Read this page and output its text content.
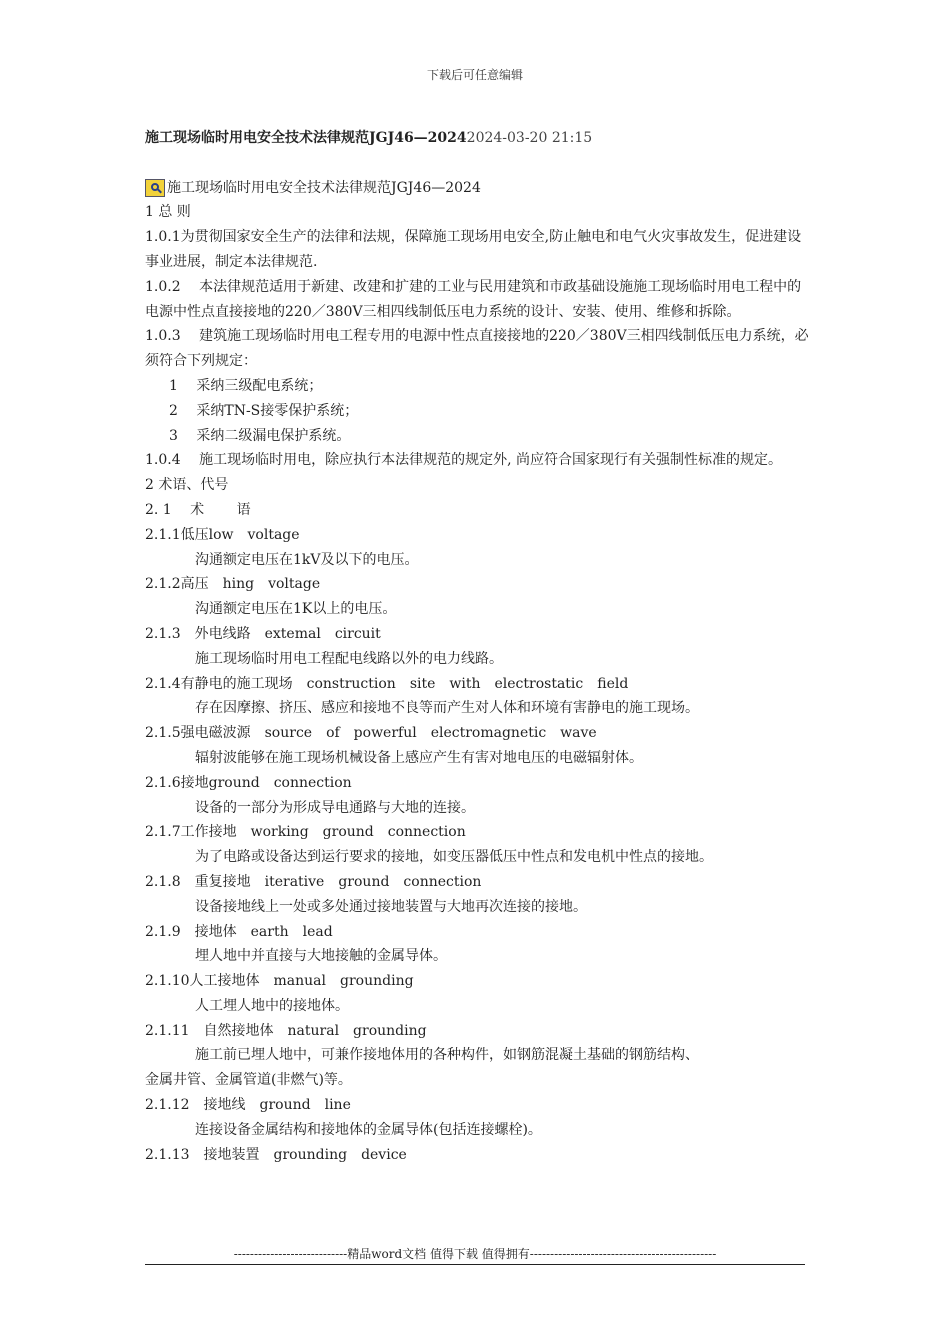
下载后可任意编辑
施工现场临时用电安全技术法律规范JGJ46—20242024-03-20 21:15
施工现场临时用电安全技术法律规范JGJ46—2024

1 总 则

1.0.1为贯彻国家安全生产的法律和法规，保障施工现场用电安全,防止触电和电气火灾事故发生，促进建设事业进展，制定本法律规范.

1.0.2　 本法律规范适用于新建、改建和扩建的工业与民用建筑和市政基础设施施工现场临时用电工程中的电源中性点直接接地的220／380V三相四线制低压电力系统的设计、安装、使用、维修和拆除。

1.0.3　 建筑施工现场临时用电工程专用的电源中性点直接接地的220／380V三相四线制低压电力系统，必须符合下列规定：

1　 采纳三级配电系统；

2　 采纳TN-S接零保护系统；

3　 采纳二级漏电保护系统。

1.0.4　 施工现场临时用电，除应执行本法律规范的规定外, 尚应符合国家现行有关强制性标准的规定。

2 术语、代号

2. 1　 术　　 语

2.1.1低压low　voltage

沟通额定电压在1kV及以下的电压。

2.1.2高压　hing　voltage

沟通额定电压在1K以上的电压。

2.1.3　外电线路　extemal　circuit

施工现场临时用电工程配电线路以外的电力线路。

2.1.4有静电的施工现场　construction　site　with　electrostatic　field

存在因摩擦、挤压、感应和接地不良等而产生对人体和环境有害静电的施工现场。

2.1.5强电磁波源　source　of　powerful　electromagnetic　wave

辐射波能够在施工现场机械设备上感应产生有害对地电压的电磁辐射体。

2.1.6接地ground　connection

设备的一部分为形成导电通路与大地的连接。

2.1.7工作接地　working　ground　connection

为了电路或设备达到运行要求的接地，如变压器低压中性点和发电机中性点的接地。

2.1.8　重复接地　iterative　ground　connection

设备接地线上一处或多处通过接地装置与大地再次连接的接地。

2.1.9　接地体　earth　lead

埋人地中并直接与大地接触的金属导体。

2.1.10人工接地体　manual　grounding

人工埋人地中的接地体。

2.1.11　自然接地体　natural　grounding

施工前已埋人地中，可兼作接地体用的各种构件，如钢筋混凝土基础的钢筋结构、

金属井管、金属管道(非燃气)等。

2.1.12　接地线　ground　line

连接设备金属结构和接地体的金属导体(包括连接螺栓)。

2.1.13　接地装置　grounding　device

----------------------------精品word文档 值得下载 值得拥有----------------------------------------------
